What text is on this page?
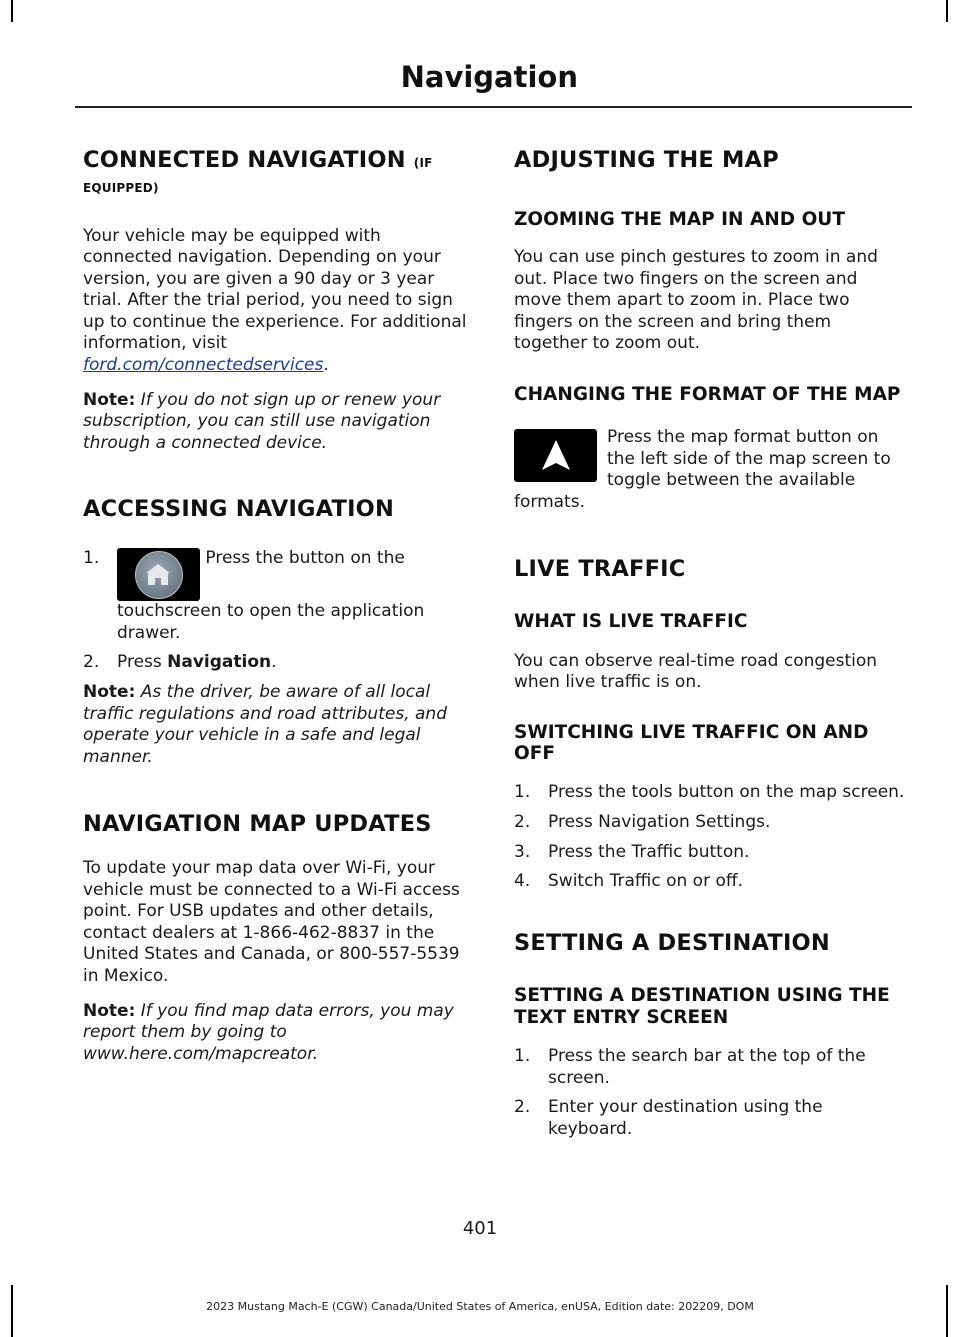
Navigation
CONNECTED NAVIGATION (IF EQUIPPED)

Your vehicle may be equipped with connected navigation. Depending on your version, you are given a 90 day or 3 year trial. After the trial period, you need to sign up to continue the experience. For additional information, visit ford.com/connectedservices.

Note: If you do not sign up or renew your subscription, you can still use navigation through a connected device.

ACCESSING NAVIGATION
1.	Press the button on the touchscreen to open the application drawer.
2. Press Navigation.

Note: As the driver, be aware of all local traffic regulations and road attributes, and operate your vehicle in a safe and legal manner.

NAVIGATION MAP UPDATES

To update your map data over Wi-Fi, your vehicle must be connected to a Wi-Fi access point. For USB updates and other details, contact dealers at 1-866-462-8837 in the United States and Canada, or 800-557-5539 in Mexico.

Note: If you find map data errors, you may report them by going to www.here.com/mapcreator.

ADJUSTING THE MAP
ZOOMING THE MAP IN AND OUT

You can use pinch gestures to zoom in and out. Place two fingers on the screen and move them apart to zoom in. Place two fingers on the screen and bring them together to zoom out.

CHANGING THE FORMAT OF THE MAP

Press the map format button on the left side of the map screen to toggle between the available formats.

LIVE TRAFFIC
WHAT IS LIVE TRAFFIC

You can observe real-time road congestion when live traffic is on.

SWITCHING LIVE TRAFFIC ON AND OFF
1. Press the tools button on the map screen.
2. Press Navigation Settings.
3. Press the Traffic button.
4. Switch Traffic on or off.
SETTING A DESTINATION
SETTING A DESTINATION USING THE TEXT ENTRY SCREEN
1. Press the search bar at the top of the screen.
2. Enter your destination using the keyboard.
401
2023 Mustang Mach-E (CGW) Canada/United States of America, enUSA, Edition date: 202209, DOM
